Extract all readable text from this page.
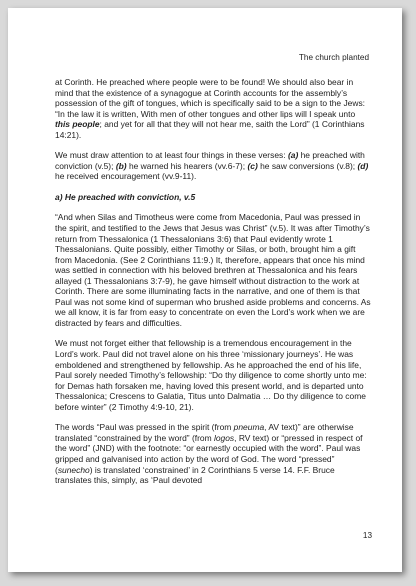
The church planted

at Corinth. He preached where people were to be found! We should also bear in mind that the existence of a synagogue at Corinth accounts for the assembly’s possession of the gift of tongues, which is specifically said to be a sign to the Jews: “In the law it is written, With men of other tongues and other lips will I speak unto this people; and yet for all that they will not hear me, saith the Lord” (1 Corinthians 14:21).

We must draw attention to at least four things in these verses: (a) he preached with conviction (v.5); (b) he warned his hearers (vv.6-7); (c) he saw conversions (v.8); (d) he received encouragement (vv.9-11).

a) He preached with conviction, v.5

“And when Silas and Timotheus were come from Macedonia, Paul was pressed in the spirit, and testified to the Jews that Jesus was Christ” (v.5). It was after Timothy’s return from Thessalonica (1 Thessalonians 3:6) that Paul evidently wrote 1 Thessalonians. Quite possibly, either Timothy or Silas, or both, brought him a gift from Macedonia. (See 2 Corinthians 11:9.) It, therefore, appears that once his mind was settled in connection with his beloved brethren at Thessalonica and his fears allayed (1 Thessalonians 3:7-9), he gave himself without distraction to the work at Corinth. There are some illuminating facts in the narrative, and one of them is that Paul was not some kind of superman who brushed aside problems and concerns. As we all know, it is far from easy to concentrate on even the Lord’s work when we are distracted by fears and difficulties.

We must not forget either that fellowship is a tremendous encouragement in the Lord’s work. Paul did not travel alone on his three ‘missionary journeys’. He was emboldened and strengthened by fellowship. As he approached the end of his life, Paul sorely needed Timothy’s fellowship: “Do thy diligence to come shortly unto me: for Demas hath forsaken me, having loved this present world, and is departed unto Thessalonica; Crescens to Galatia, Titus unto Dalmatia … Do thy diligence to come before winter” (2 Timothy 4:9-10, 21).

The words “Paul was pressed in the spirit (from pneuma, AV text)” are otherwise translated “constrained by the word” (from logos, RV text) or “pressed in respect of the word” (JND) with the footnote: “or earnestly occupied with the word”. Paul was gripped and galvanised into action by the word of God. The word “pressed” (sunecho) is translated ‘constrained’ in 2 Corinthians 5 verse 14. F.F. Bruce translates this, simply, as ‘Paul devoted

13
